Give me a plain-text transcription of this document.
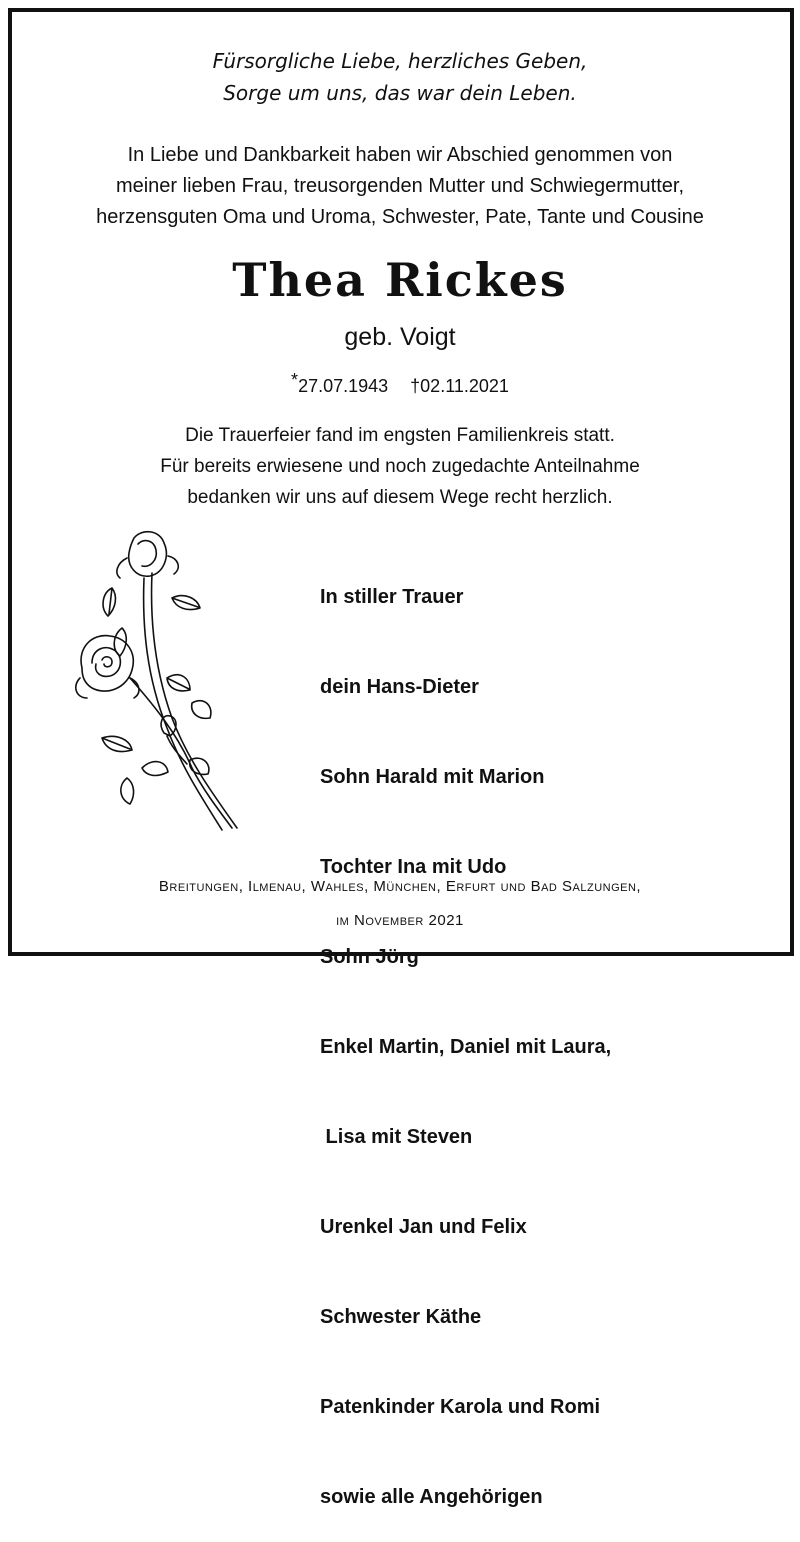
Fürsorgliche Liebe, herzliches Geben,
Sorge um uns, das war dein Leben.
In Liebe und Dankbarkeit haben wir Abschied genommen von
meiner lieben Frau, treusorgenden Mutter und Schwiegermutter,
herzensguten Oma und Uroma, Schwester, Pate, Tante und Cousine
Thea Rickes
geb. Voigt
*27.07.1943 †02.11.2021
Die Trauerfeier fand im engsten Familienkreis statt.
Für bereits erwiesene und noch zugedachte Anteilnahme
bedanken wir uns auf diesem Wege recht herzlich.

In stiller Trauer

dein Hans-Dieter

Sohn Harald mit Marion

Tochter Ina mit Udo

Sohn Jörg

Enkel Martin, Daniel mit Laura,

Lisa mit Steven

Urenkel Jan und Felix

Schwester Käthe

Patenkinder Karola und Romi

sowie alle Angehörigen

Breitungen, Ilmenau, Wahles, München, Erfurt und Bad Salzungen,
im November 2021
